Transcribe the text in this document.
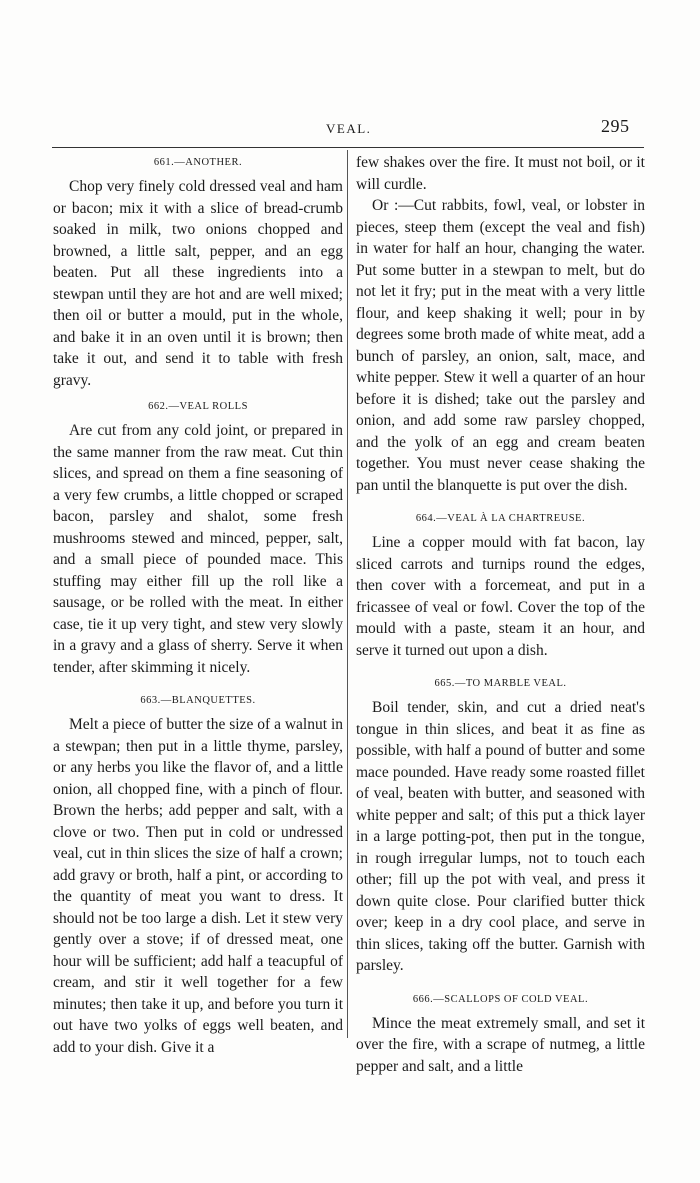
VEAL.	295
661.—ANOTHER.

Chop very finely cold dressed veal and ham or bacon; mix it with a slice of bread-crumb soaked in milk, two onions chopped and browned, a little salt, pepper, and an egg beaten. Put all these ingredients into a stewpan until they are hot and are well mixed; then oil or butter a mould, put in the whole, and bake it in an oven until it is brown; then take it out, and send it to table with fresh gravy.

662.—VEAL ROLLS

Are cut from any cold joint, or prepared in the same manner from the raw meat. Cut thin slices, and spread on them a fine seasoning of a very few crumbs, a little chopped or scraped bacon, parsley and shalot, some fresh mushrooms stewed and minced, pepper, salt, and a small piece of pounded mace. This stuffing may either fill up the roll like a sausage, or be rolled with the meat. In either case, tie it up very tight, and stew very slowly in a gravy and a glass of sherry. Serve it when tender, after skimming it nicely.

663.—BLANQUETTES.

Melt a piece of butter the size of a walnut in a stewpan; then put in a little thyme, parsley, or any herbs you like the flavor of, and a little onion, all chopped fine, with a pinch of flour. Brown the herbs; add pepper and salt, with a clove or two. Then put in cold or undressed veal, cut in thin slices the size of half a crown; add gravy or broth, half a pint, or according to the quantity of meat you want to dress. It should not be too large a dish. Let it stew very gently over a stove; if of dressed meat, one hour will be sufficient; add half a teacupful of cream, and stir it well together for a few minutes; then take it up, and before you turn it out have two yolks of eggs well beaten, and add to your dish. Give it a

few shakes over the fire. It must not boil, or it will curdle.

Or :—Cut rabbits, fowl, veal, or lobster in pieces, steep them (except the veal and fish) in water for half an hour, changing the water. Put some butter in a stewpan to melt, but do not let it fry; put in the meat with a very little flour, and keep shaking it well; pour in by degrees some broth made of white meat, add a bunch of parsley, an onion, salt, mace, and white pepper. Stew it well a quarter of an hour before it is dished; take out the parsley and onion, and add some raw parsley chopped, and the yolk of an egg and cream beaten together. You must never cease shaking the pan until the blanquette is put over the dish.

664.—VEAL À LA CHARTREUSE.

Line a copper mould with fat bacon, lay sliced carrots and turnips round the edges, then cover with a forcemeat, and put in a fricassee of veal or fowl. Cover the top of the mould with a paste, steam it an hour, and serve it turned out upon a dish.

665.—TO MARBLE VEAL.

Boil tender, skin, and cut a dried neat's tongue in thin slices, and beat it as fine as possible, with half a pound of butter and some mace pounded. Have ready some roasted fillet of veal, beaten with butter, and seasoned with white pepper and salt; of this put a thick layer in a large potting-pot, then put in the tongue, in rough irregular lumps, not to touch each other; fill up the pot with veal, and press it down quite close. Pour clarified butter thick over; keep in a dry cool place, and serve in thin slices, taking off the butter. Garnish with parsley.

666.—SCALLOPS OF COLD VEAL.

Mince the meat extremely small, and set it over the fire, with a scrape of nutmeg, a little pepper and salt, and a little
